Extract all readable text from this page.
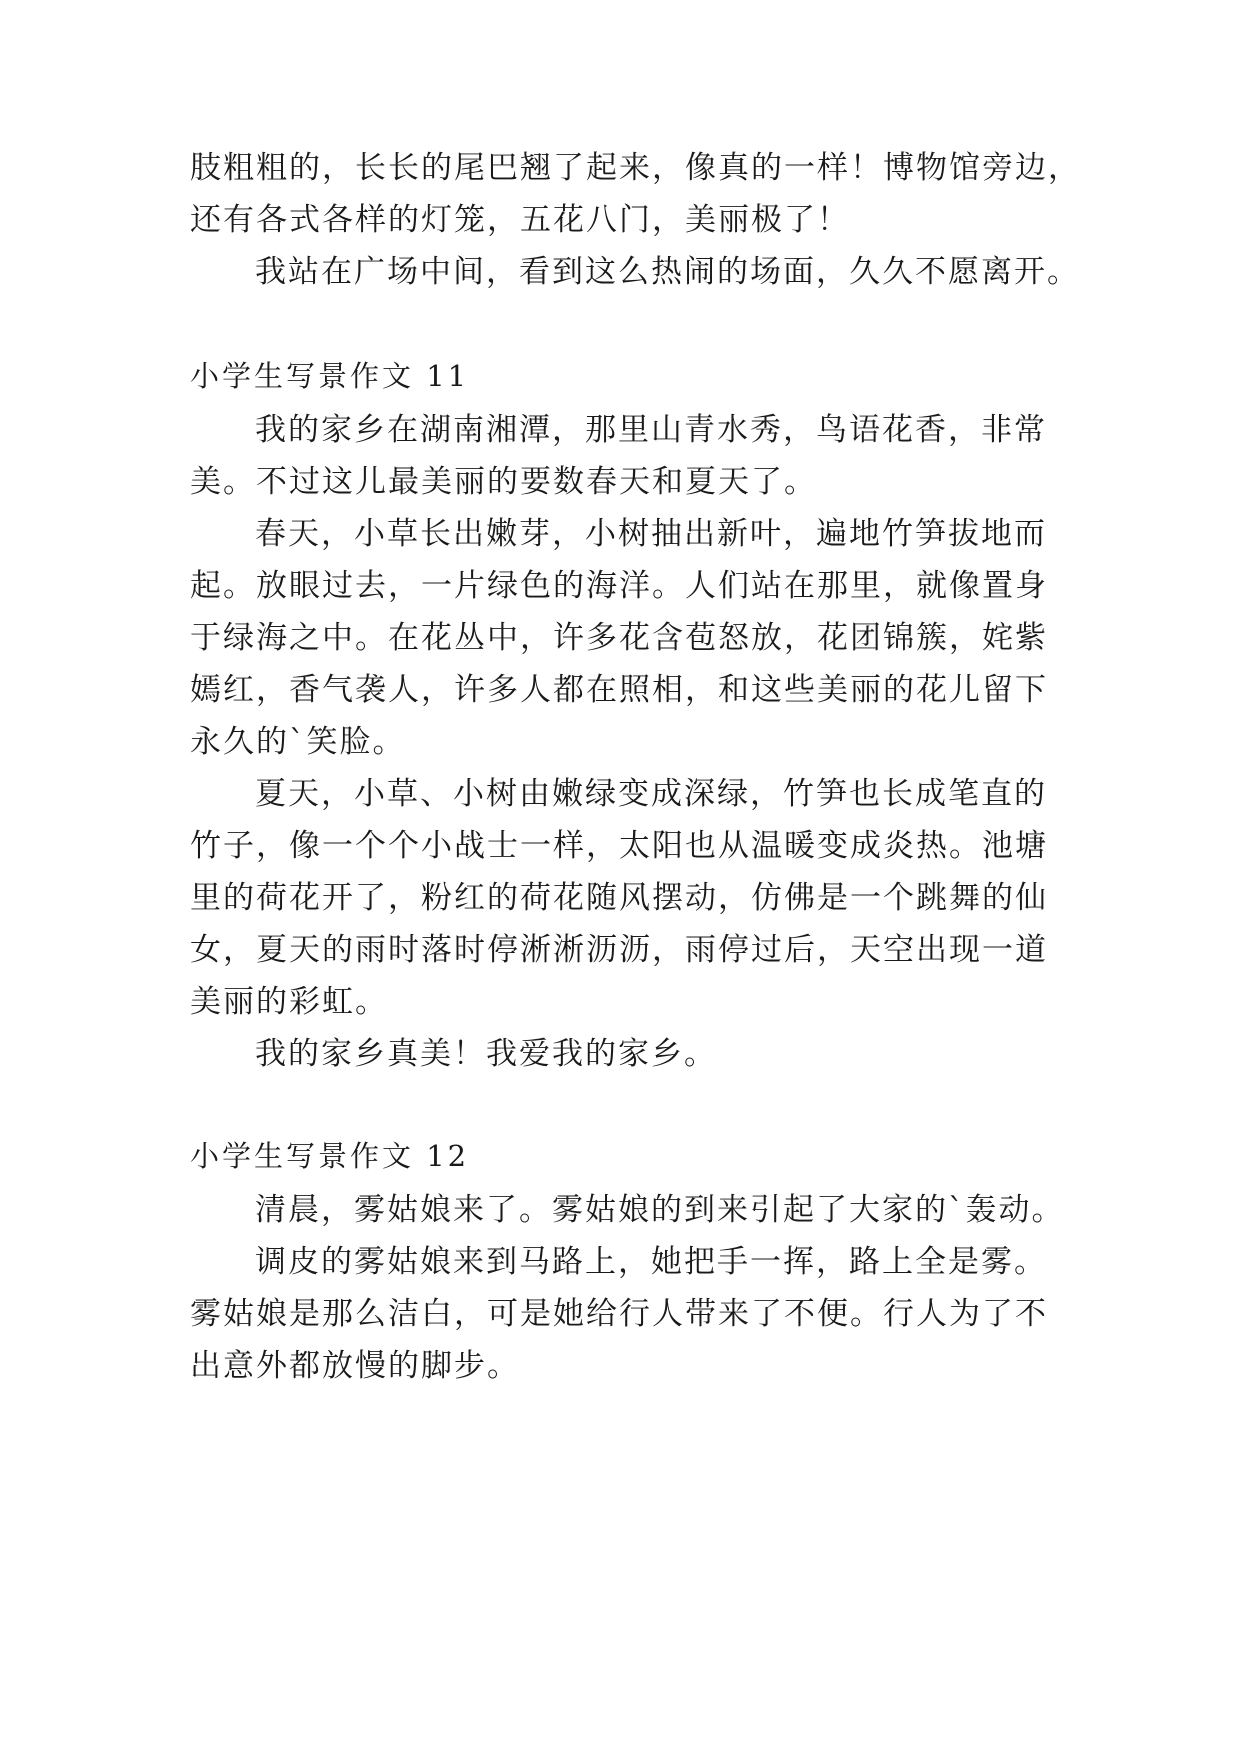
肢粗粗的，长长的尾巴翘了起来，像真的一样！博物馆旁边，
还有各式各样的灯笼，五花八门，美丽极了！
我站在广场中间，看到这么热闹的场面，久久不愿离开。
小学生写景作文 11
我的家乡在湖南湘潭，那里山青水秀，鸟语花香，非常
美。不过这儿最美丽的要数春天和夏天了。
春天，小草长出嫩芽，小树抽出新叶，遍地竹笋拔地而
起。放眼过去，一片绿色的海洋。人们站在那里，就像置身
于绿海之中。在花丛中，许多花含苞怒放，花团锦簇，姹紫
嫣红，香气袭人，许多人都在照相，和这些美丽的花儿留下
永久的`笑脸。
夏天，小草、小树由嫩绿变成深绿，竹笋也长成笔直的
竹子，像一个个小战士一样，太阳也从温暖变成炎热。池塘
里的荷花开了，粉红的荷花随风摆动，仿佛是一个跳舞的仙
女，夏天的雨时落时停淅淅沥沥，雨停过后，天空出现一道
美丽的彩虹。
我的家乡真美！我爱我的家乡。
小学生写景作文 12
清晨，雾姑娘来了。雾姑娘的到来引起了大家的`轰动。
调皮的雾姑娘来到马路上，她把手一挥，路上全是雾。
雾姑娘是那么洁白，可是她给行人带来了不便。行人为了不
出意外都放慢的脚步。
